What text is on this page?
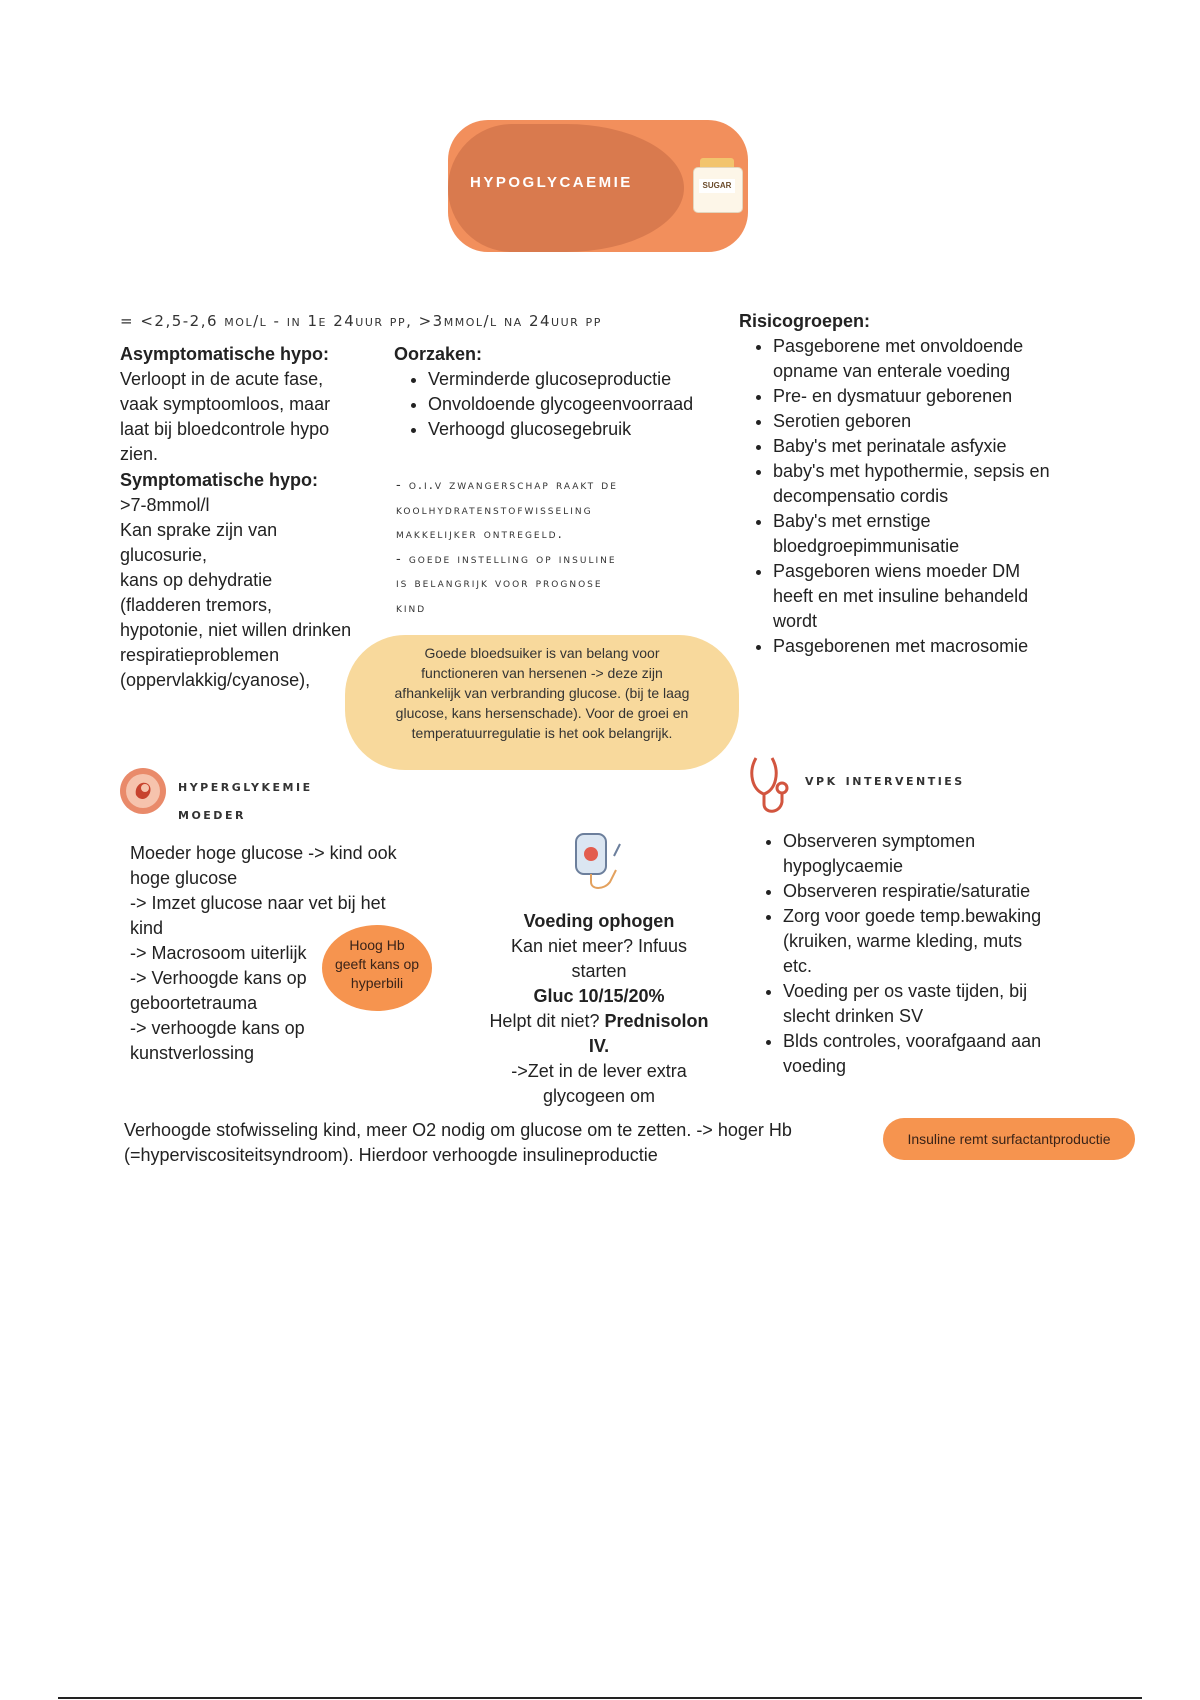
HYPOGLYCAEMIE	SUGAR
= <2,5-2,6 mol/l - in 1e 24uur pp, >3mmol/l na 24uur pp
Asymptomatische hypo:
Verloopt in de acute fase,
vaak symptoomloos, maar
laat bij bloedcontrole hypo
zien.
Symptomatische hypo:
>7-8mmol/l
Kan sprake zijn van
glucosurie,
kans op dehydratie
(fladderen tremors,
hypotonie, niet willen drinken
respiratieproblemen
(oppervlakkig/cyanose),
Oorzaken:
• Verminderde glucoseproductie
• Onvoldoende glycogeenvoorraad
• Verhoogd glucosegebruik
- o.i.v zwangerschap raakt de
koolhydratenstofwisseling
makkelijker ontregeld.
- goede instelling op insuline
is belangrijk voor prognose
kind
Risicogroepen:
• Pasgeborene met onvoldoende
opname van enterale voeding
• Pre- en dysmatuur geborenen
• Serotien geboren
• Baby's met perinatale asfyxie
• baby's met hypothermie, sepsis en
decompensatio cordis
• Baby's met ernstige
bloedgroepimmunisatie
• Pasgeboren wiens moeder DM
heeft en met insuline behandeld
wordt
• Pasgeborenen met macrosomie
Goede bloedsuiker is van belang voor
functioneren van hersenen -> deze zijn
afhankelijk van verbranding glucose. (bij te laag
glucose, kans hersenschade). Voor de groei en
temperatuurregulatie is het ook belangrijk.
hyperglykemie
moeder
Moeder hoge glucose -> kind ook
hoge glucose
-> Imzet glucose naar vet bij het
kind
-> Macrosoom uiterlijk
-> Verhoogde kans op
geboortetrauma
-> verhoogde kans op
kunstverlossing
Hoog Hb
geeft kans op
hyperbili
Voeding ophogen
Kan niet meer? Infuus
starten
Gluc 10/15/20%
Helpt dit niet? Prednisolon
IV.
->Zet in de lever extra
glycogeen om
vpk interventies
• Observeren symptomen
hypoglycaemie
• Observeren respiratie/saturatie
• Zorg voor goede temp.bewaking
(kruiken, warme kleding, muts
etc.
• Voeding per os vaste tijden, bij
slecht drinken SV
• Blds controles, voorafgaand aan
voeding
Verhoogde stofwisseling kind, meer O2 nodig om glucose om te zetten. -> hoger Hb
(=hyperviscositeitsyndroom). Hierdoor verhoogde insulineproductie
Insuline remt surfactantproductie
